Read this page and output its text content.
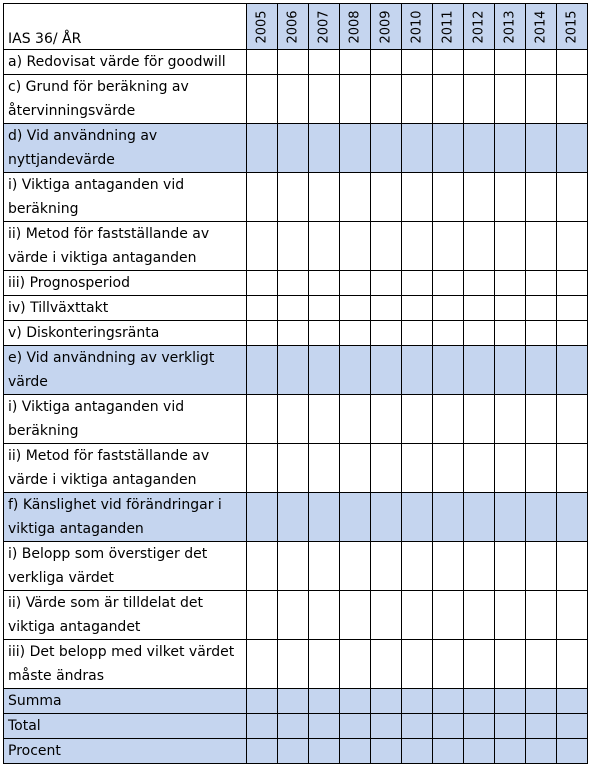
IAS 36/ ÅR	2005	2006	2007	2008	2009	2010	2011	2012	2013	2014	2015

a) Redovisat värde för goodwill											
c) Grund för beräkning av återvinningsvärde											
d) Vid användning av nyttjandevärde											
i) Viktiga antaganden vid beräkning											
ii) Metod för fastställande av värde i viktiga antaganden											
iii) Prognosperiod											
iv) Tillväxttakt											
v) Diskonteringsränta											
e) Vid användning av verkligt värde											
i) Viktiga antaganden vid beräkning											
ii) Metod för fastställande av värde i viktiga antaganden											
f) Känslighet vid förändringar i viktiga antaganden											
i) Belopp som överstiger det verkliga värdet											
ii) Värde som är tilldelat det viktiga antagandet											
iii) Det belopp med vilket värdet måste ändras											
Summa											
Total											
Procent											
